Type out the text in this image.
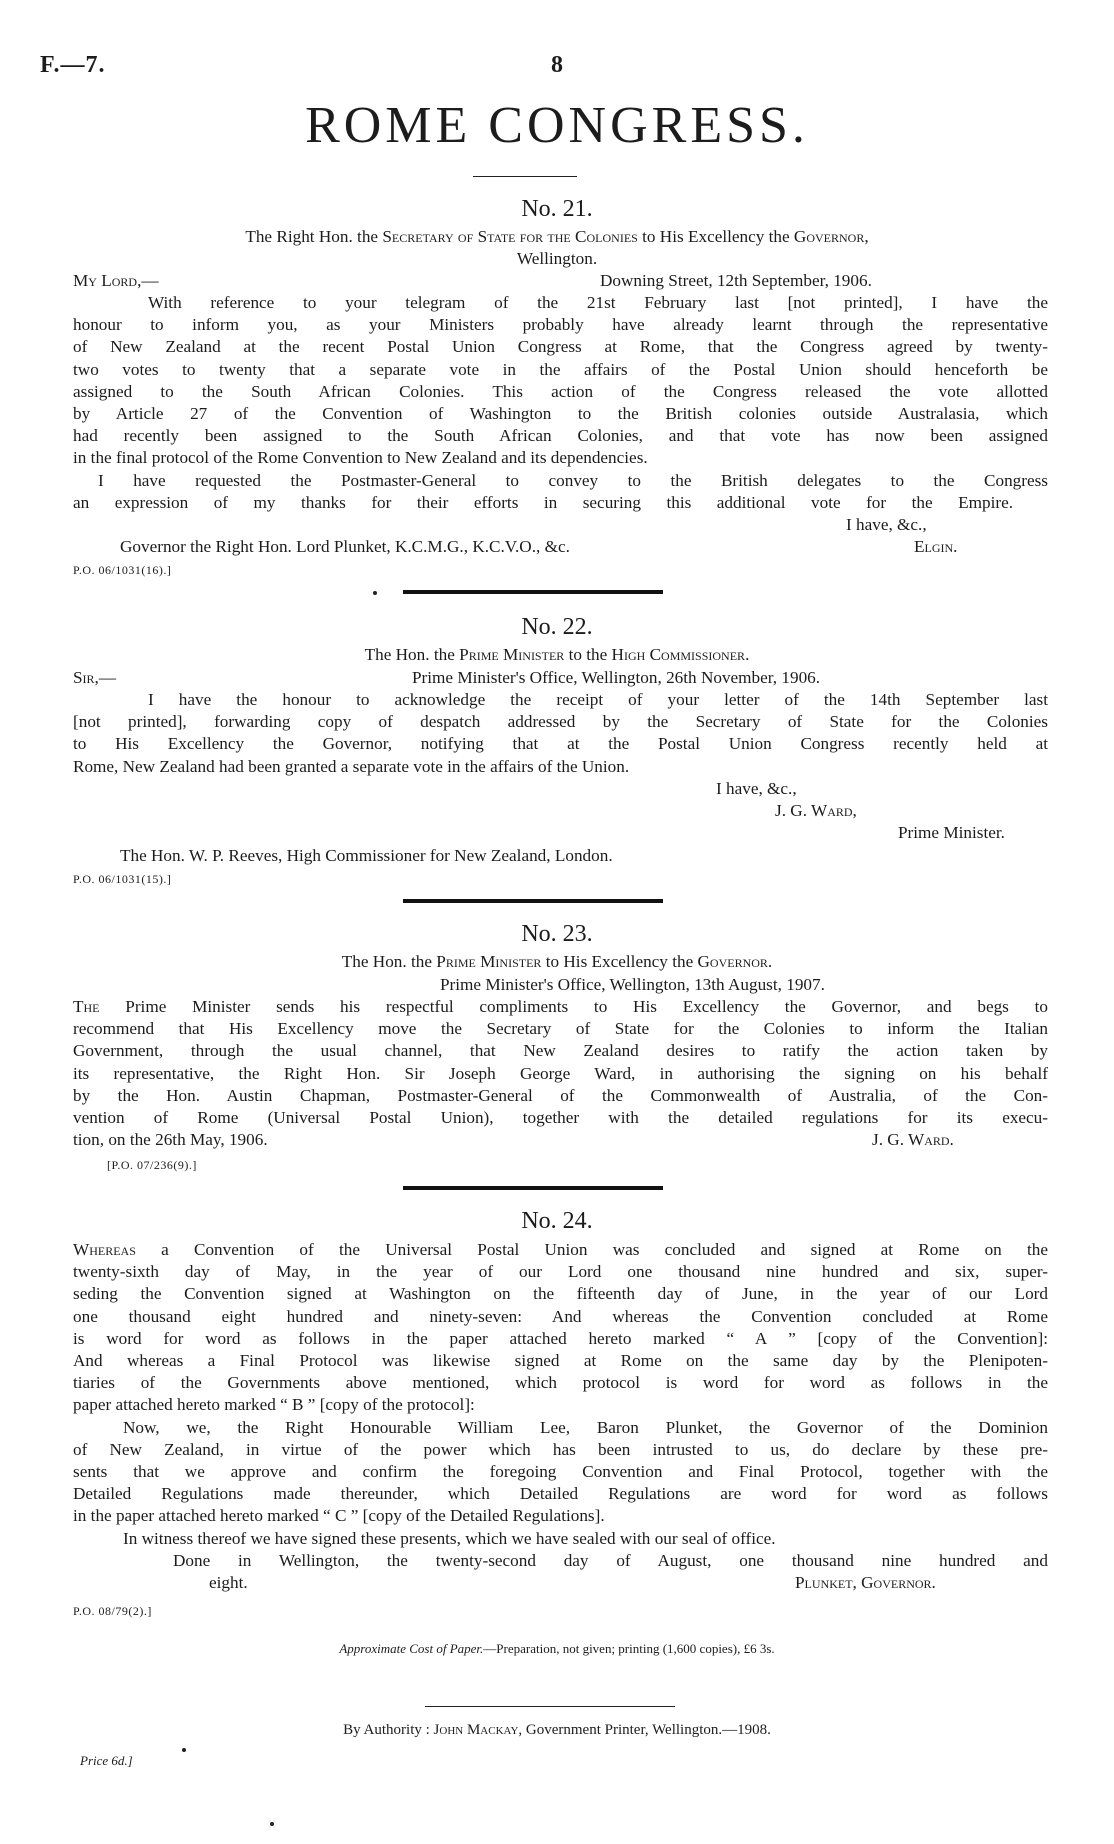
F.—7.	8
ROME CONGRESS.
No. 21.
The Right Hon. the Secretary of State for the Colonies to His Excellency the Governor,
Wellington.
My Lord,—	Downing Street, 12th September, 1906.
With reference to your telegram of the 21st February last [not printed], I have the
honour to inform you, as your Ministers probably have already learnt through the representative
of New Zealand at the recent Postal Union Congress at Rome, that the Congress agreed by twenty-
two votes to twenty that a separate vote in the affairs of the Postal Union should henceforth be
assigned to the South African Colonies. This action of the Congress released the vote allotted
by Article 27 of the Convention of Washington to the British colonies outside Australasia, which
had recently been assigned to the South African Colonies, and that vote has now been assigned
in the final protocol of the Rome Convention to New Zealand and its dependencies.
I have requested the Postmaster-General to convey to the British delegates to the Congress
an expression of my thanks for their efforts in securing this additional vote for the Empire.
I have, &c.,
Governor the Right Hon. Lord Plunket, K.C.M.G., K.C.V.O., &c.	Elgin.
P.O. 06/1031(16).]
No. 22.
The Hon. the Prime Minister to the High Commissioner.
Sir,—	Prime Minister's Office, Wellington, 26th November, 1906.
I have the honour to acknowledge the receipt of your letter of the 14th September last
[not printed], forwarding copy of despatch addressed by the Secretary of State for the Colonies
to His Excellency the Governor, notifying that at the Postal Union Congress recently held at
Rome, New Zealand had been granted a separate vote in the affairs of the Union.
I have, &c.,
J. G. Ward,
Prime Minister.
The Hon. W. P. Reeves, High Commissioner for New Zealand, London.
P.O. 06/1031(15).]
No. 23.
The Hon. the Prime Minister to His Excellency the Governor.
Prime Minister's Office, Wellington, 13th August, 1907.
The Prime Minister sends his respectful compliments to His Excellency the Governor, and begs to
recommend that His Excellency move the Secretary of State for the Colonies to inform the Italian
Government, through the usual channel, that New Zealand desires to ratify the action taken by
its representative, the Right Hon. Sir Joseph George Ward, in authorising the signing on his behalf
by the Hon. Austin Chapman, Postmaster-General of the Commonwealth of Australia, of the Con-
vention of Rome (Universal Postal Union), together with the detailed regulations for its execu-
tion, on the 26th May, 1906.	J. G. Ward.
[P.O. 07/236(9).]
No. 24.
Whereas a Convention of the Universal Postal Union was concluded and signed at Rome on the
twenty-sixth day of May, in the year of our Lord one thousand nine hundred and six, super-
seding the Convention signed at Washington on the fifteenth day of June, in the year of our Lord
one thousand eight hundred and ninety-seven: And whereas the Convention concluded at Rome
is word for word as follows in the paper attached hereto marked “ A ” [copy of the Convention]:
And whereas a Final Protocol was likewise signed at Rome on the same day by the Plenipoten-
tiaries of the Governments above mentioned, which protocol is word for word as follows in the
paper attached hereto marked “ B ” [copy of the protocol]:
Now, we, the Right Honourable William Lee, Baron Plunket, the Governor of the Dominion
of New Zealand, in virtue of the power which has been intrusted to us, do declare by these pre-
sents that we approve and confirm the foregoing Convention and Final Protocol, together with the
Detailed Regulations made thereunder, which Detailed Regulations are word for word as follows
in the paper attached hereto marked “ C ” [copy of the Detailed Regulations].
In witness thereof we have signed these presents, which we have sealed with our seal of office.
Done in Wellington, the twenty-second day of August, one thousand nine hundred and
eight.	Plunket, Governor.
P.O. 08/79(2).]
Approximate Cost of Paper.—Preparation, not given; printing (1,600 copies), £6 3s.
By Authority : John Mackay, Government Printer, Wellington.—1908.
Price 6d.]
